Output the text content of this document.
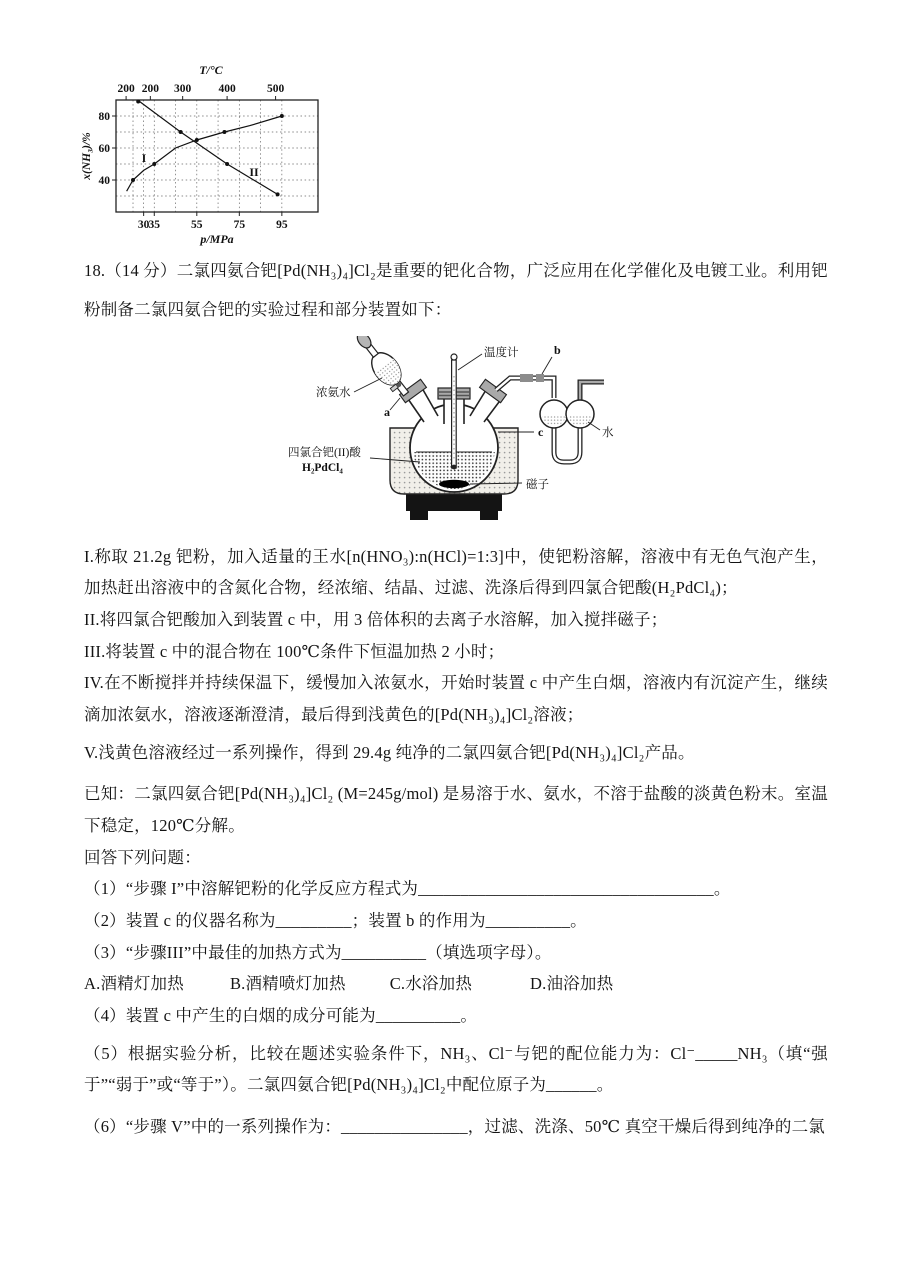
30 35	55	75	95
p/MPa
40
60
80
x(NH₃)/%
200 200 300 400	500
T/°C
I
II

18.（14 分）二氯四氨合钯[Pd(NH₃)₄]Cl₂是重要的钯化合物，广泛应用在化学催化及电镀工业。利用钯粉制备二氯四氨合钯的实验过程和部分装置如下：

温度计
浓氨水
a
b
水
四氯合钯(II)酸
H₂PdCl₄
c
磁子

I.称取 21.2g 钯粉，加入适量的王水[n(HNO₃):n(HCl)=1:3]中，使钯粉溶解，溶液中有无色气泡产生，加热赶出溶液中的含氮化合物，经浓缩、结晶、过滤、洗涤后得到四氯合钯酸(H₂PdCl₄)；

II.将四氯合钯酸加入到装置 c 中，用 3 倍体积的去离子水溶解，加入搅拌磁子；

III.将装置 c 中的混合物在 100℃条件下恒温加热 2 小时；

IV.在不断搅拌并持续保温下，缓慢加入浓氨水，开始时装置 c 中产生白烟，溶液内有沉淀产生，继续滴加浓氨水，溶液逐渐澄清，最后得到浅黄色的[Pd(NH₃)₄]Cl₂溶液；

V.浅黄色溶液经过一系列操作，得到 29.4g 纯净的二氯四氨合钯[Pd(NH₃)₄]Cl₂产品。

已知：二氯四氨合钯[Pd(NH₃)₄]Cl₂ (M=245g/mol) 是易溶于水、氨水，不溶于盐酸的淡黄色粉末。室温下稳定，120℃分解。

回答下列问题：

（1）“步骤 I”中溶解钯粉的化学反应方程式为___________________________________。

（2）装置 c 的仪器名称为_________；装置 b 的作用为__________。

（3）“步骤III”中最佳的加热方式为__________（填选项字母）。

A.酒精灯加热	B.酒精喷灯加热	C.水浴加热	D.油浴加热

（4）装置 c 中产生的白烟的成分可能为__________。

（5）根据实验分析，比较在题述实验条件下，NH₃、Cl⁻与钯的配位能力为：Cl⁻_____NH₃（填“强于”“弱于”或“等于”）。二氯四氨合钯[Pd(NH₃)₄]Cl₂中配位原子为______。

（6）“步骤 V”中的一系列操作为：_______________，过滤、洗涤、50℃ 真空干燥后得到纯净的二氯
